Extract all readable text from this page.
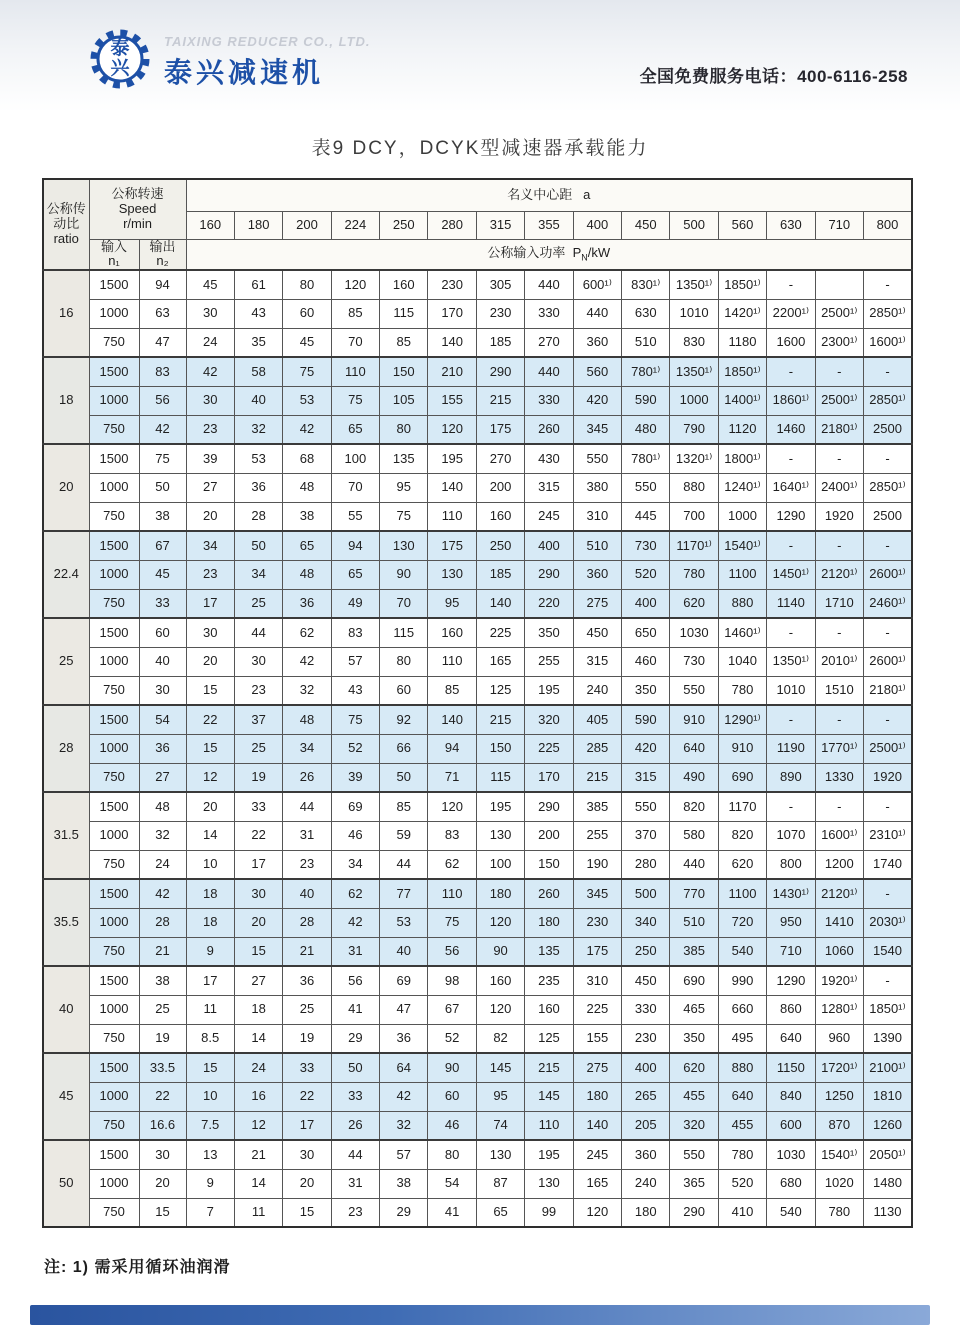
泰
兴
TAIXING REDUCER CO., LTD.
泰兴减速机	全国免费服务电话：400-6116-258
表9 DCY，DCYK型减速器承载能力
公称传动比
ratio	公称转速
Speed
r/min		名义中心距 a														
			160	180	200	224	250	280	315	355	400	450	500	560	630	710	800
	输入
n₁	输出
n₂	公称输入功率 $P_N/kW$														
16	1500	94	45	61	80	120	160	230	305	440	600¹⁾	830¹⁾	1350¹⁾	1850¹⁾	-		-
	1000	63	30	43	60	85	115	170	230	330	440	630	1010	1420¹⁾	2200¹⁾	2500¹⁾	2850¹⁾
	750	47	24	35	45	70	85	140	185	270	360	510	830	1180	1600	2300¹⁾	1600¹⁾
18	1500	83	42	58	75	110	150	210	290	440	560	780¹⁾	1350¹⁾	1850¹⁾	-	-	-
	1000	56	30	40	53	75	105	155	215	330	420	590	1000	1400¹⁾	1860¹⁾	2500¹⁾	2850¹⁾
	750	42	23	32	42	65	80	120	175	260	345	480	790	1120	1460	2180¹⁾	2500
20	1500	75	39	53	68	100	135	195	270	430	550	780¹⁾	1320¹⁾	1800¹⁾	-	-	-
	1000	50	27	36	48	70	95	140	200	315	380	550	880	1240¹⁾	1640¹⁾	2400¹⁾	2850¹⁾
	750	38	20	28	38	55	75	110	160	245	310	445	700	1000	1290	1920	2500
22.4	1500	67	34	50	65	94	130	175	250	400	510	730	1170¹⁾	1540¹⁾	-	-	-
	1000	45	23	34	48	65	90	130	185	290	360	520	780	1100	1450¹⁾	2120¹⁾	2600¹⁾
	750	33	17	25	36	49	70	95	140	220	275	400	620	880	1140	1710	2460¹⁾
25	1500	60	30	44	62	83	115	160	225	350	450	650	1030	1460¹⁾	-	-	-
	1000	40	20	30	42	57	80	110	165	255	315	460	730	1040	1350¹⁾	2010¹⁾	2600¹⁾
	750	30	15	23	32	43	60	85	125	195	240	350	550	780	1010	1510	2180¹⁾
28	1500	54	22	37	48	75	92	140	215	320	405	590	910	1290¹⁾	-	-	-
	1000	36	15	25	34	52	66	94	150	225	285	420	640	910	1190	1770¹⁾	2500¹⁾
	750	27	12	19	26	39	50	71	115	170	215	315	490	690	890	1330	1920
31.5	1500	48	20	33	44	69	85	120	195	290	385	550	820	1170	-	-	-
	1000	32	14	22	31	46	59	83	130	200	255	370	580	820	1070	1600¹⁾	2310¹⁾
	750	24	10	17	23	34	44	62	100	150	190	280	440	620	800	1200	1740
35.5	1500	42	18	30	40	62	77	110	180	260	345	500	770	1100	1430¹⁾	2120¹⁾	-
	1000	28	18	20	28	42	53	75	120	180	230	340	510	720	950	1410	2030¹⁾
	750	21	9	15	21	31	40	56	90	135	175	250	385	540	710	1060	1540
40	1500	38	17	27	36	56	69	98	160	235	310	450	690	990	1290	1920¹⁾	-
	1000	25	11	18	25	41	47	67	120	160	225	330	465	660	860	1280¹⁾	1850¹⁾
	750	19	8.5	14	19	29	36	52	82	125	155	230	350	495	640	960	1390
45	1500	33.5	15	24	33	50	64	90	145	215	275	400	620	880	1150	1720¹⁾	2100¹⁾
	1000	22	10	16	22	33	42	60	95	145	180	265	455	640	840	1250	1810
	750	16.6	7.5	12	17	26	32	46	74	110	140	205	320	455	600	870	1260
50	1500	30	13	21	30	44	57	80	130	195	245	360	550	780	1030	1540¹⁾	2050¹⁾
	1000	20	9	14	20	31	38	54	87	130	165	240	365	520	680	1020	1480
	750	15	7	11	15	23	29	41	65	99	120	180	290	410	540	780	1130
注: 1) 需采用循环油润滑
